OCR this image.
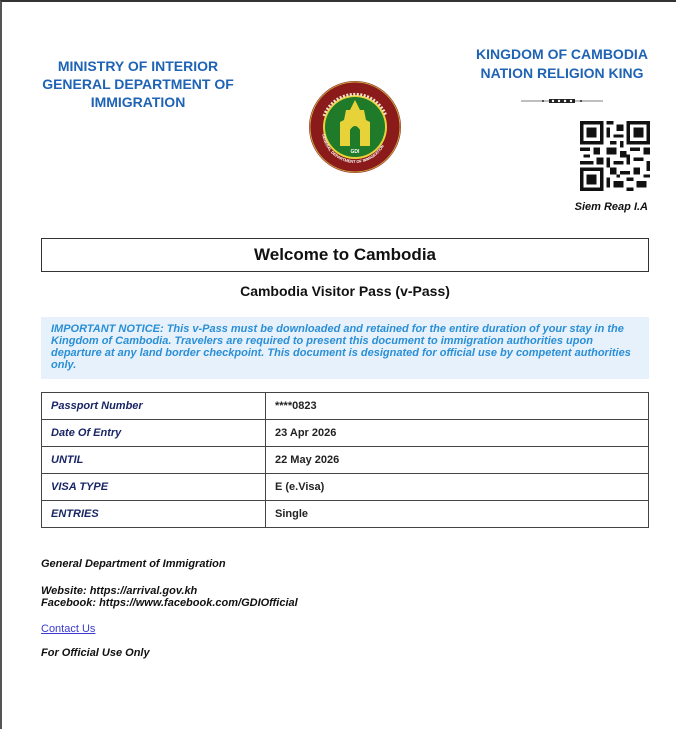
MINISTRY OF INTERIOR
GENERAL DEPARTMENT OF
IMMIGRATION
GDI
GENERAL DEPARTMENT OF IMMIGRATION
KINGDOM OF CAMBODIA
NATION RELIGION KING
Siem Reap I.A
Welcome to Cambodia
Cambodia Visitor Pass (v-Pass)
IMPORTANT NOTICE: This v-Pass must be downloaded and retained for the entire duration of your stay in the Kingdom of Cambodia. Travelers are required to present this document to immigration authorities upon departure at any land border checkpoint. This document is designated for official use by competent authorities only.
Passport Number	****0823
Date Of Entry	23 Apr 2026
UNTIL	22 May 2026
VISA TYPE	E (e.Visa)
ENTRIES	Single
General Department of Immigration
Website: https://arrival.gov.kh
Facebook: https://www.facebook.com/GDIOfficial
Contact Us
For Official Use Only
